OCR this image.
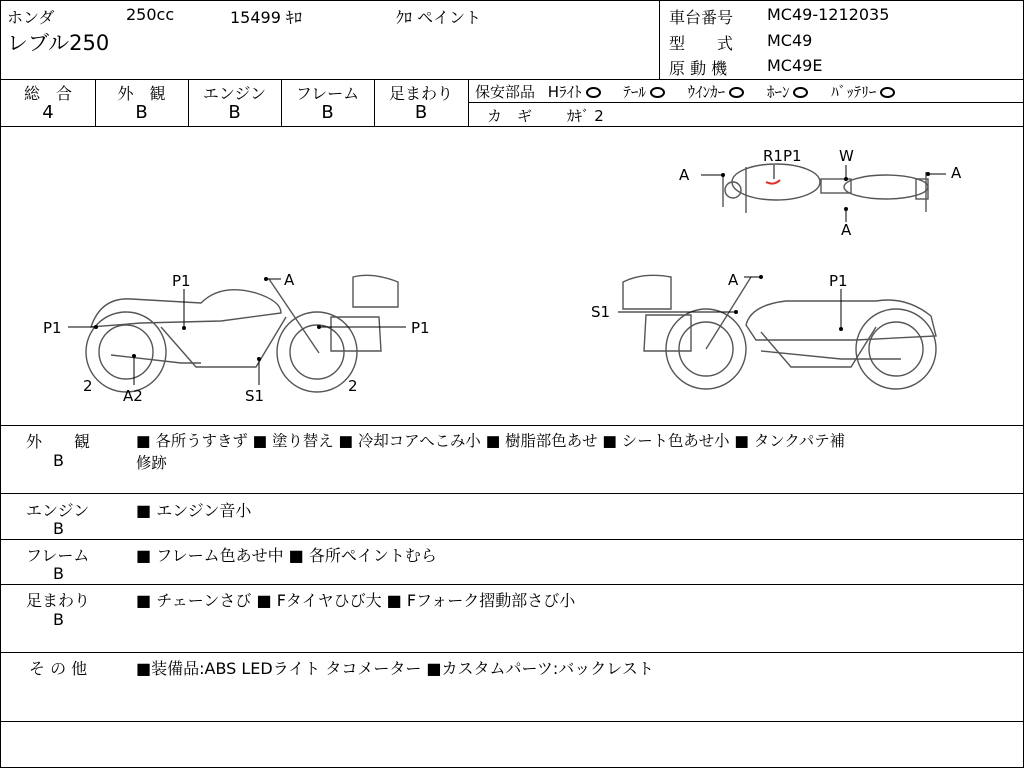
ホンダ	250cc	15499 ｷﾛ	ｸﾛ ペイント
レブル250
車台番号 MC49-1212035
型　　式 MC49
原 動 機 MC49E
総　合
4
外　観
B
エンジン
B
フレーム
B
足まわり
B
保安部品 Hﾗｲﾄ	ﾃｰﾙ	ｳｲﾝｶｰ	ﾎｰﾝ	ﾊﾞｯﾃﾘｰ
カ　ギ ｶｷﾞ 2
A
R1P1 W
A
A
P1	A
P1	P1
2	2
A2	S1
A	P1
S1
外　　観
B
■ 各所うすきず ■ 塗り替え ■ 冷却コアへこみ小 ■ 樹脂部色あせ ■ シート色あせ小 ■ タンクパテ補
修跡
エンジン
B
■ エンジン音小
フレーム
B
■ フレーム色あせ中 ■ 各所ペイントむら
足まわり
B
■ チェーンさび ■ Fタイヤひび大 ■ Fフォーク摺動部さび小
そ の 他	■装備品:ABS LEDライト タコメーター ■カスタムパーツ:バックレスト
